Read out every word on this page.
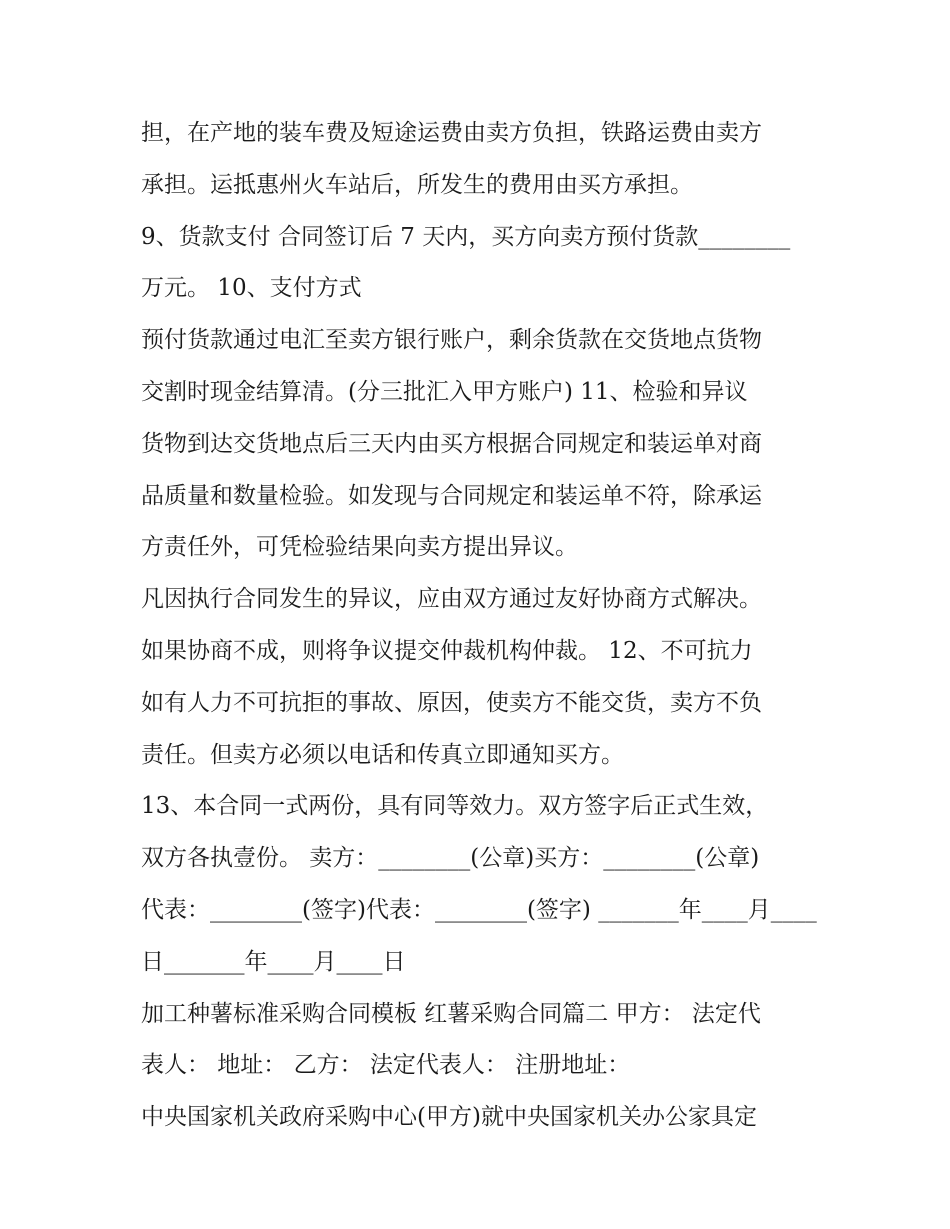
担，在产地的装车费及短途运费由卖方负担，铁路运费由卖方
承担。运抵惠州火车站后，所发生的费用由买方承担。
9、货款支付 合同签订后 7 天内，买方向卖方预付货款________
万元。 10、支付方式
预付货款通过电汇至卖方银行账户，剩余货款在交货地点货物
交割时现金结算清。(分三批汇入甲方账户) 11、检验和异议
货物到达交货地点后三天内由买方根据合同规定和装运单对商
品质量和数量检验。如发现与合同规定和装运单不符，除承运
方责任外，可凭检验结果向卖方提出异议。
凡因执行合同发生的异议，应由双方通过友好协商方式解决。
如果协商不成，则将争议提交仲裁机构仲裁。 12、不可抗力
如有人力不可抗拒的事故、原因，使卖方不能交货，卖方不负
责任。但卖方必须以电话和传真立即通知买方。
13、本合同一式两份，具有同等效力。双方签字后正式生效，
双方各执壹份。 卖方：________(公章)买方：________(公章)
代表：________(签字)代表：________(签字) _______年____月____
日_______年____月____日
加工种薯标准采购合同模板 红薯采购合同篇二 甲方： 法定代
表人： 地址： 乙方： 法定代表人： 注册地址：
中央国家机关政府采购中心(甲方)就中央国家机关办公家具定
